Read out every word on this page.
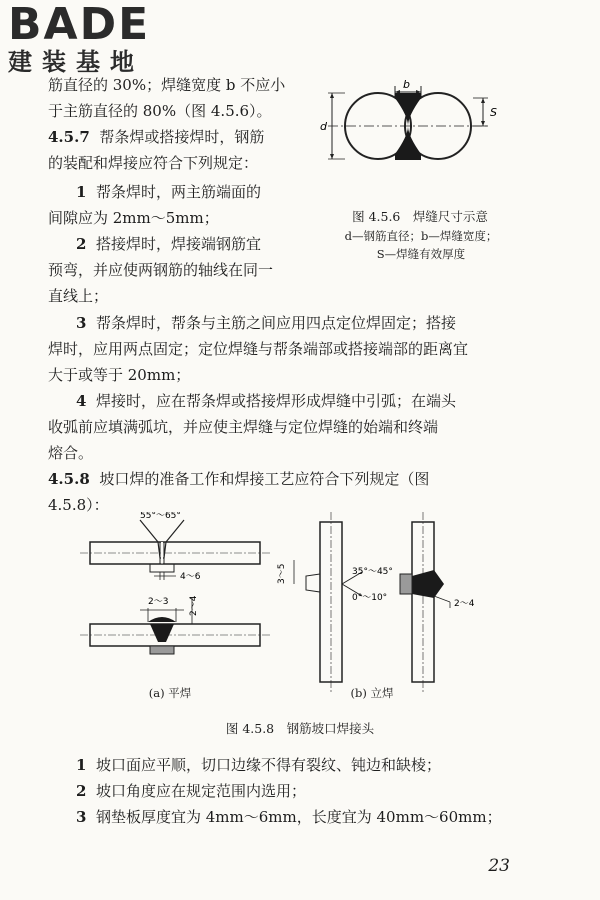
BADE
建装基地
筋直径的 30%；焊缝宽度 b 不应小
于主筋直径的 80%（图 4.5.6）。
4.5.7 帮条焊或搭接焊时，钢筋
的装配和焊接应符合下列规定：
1 帮条焊时，两主筋端面的
间隙应为 2mm～5mm；
2 搭接焊时，焊接端钢筋宜
预弯，并应使两钢筋的轴线在同一
直线上；
3 帮条焊时，帮条与主筋之间应用四点定位焊固定；搭接
焊时，应用两点固定；定位焊缝与帮条端部或搭接端部的距离宜
大于或等于 20mm；
4 焊接时，应在帮条焊或搭接焊形成焊缝中引弧；在端头
收弧前应填满弧坑，并应使主焊缝与定位焊缝的始端和终端
熔合。
4.5.8 坡口焊的准备工作和焊接工艺应符合下列规定（图
4.5.8）：
b
d
S
图 4.5.6　焊缝尺寸示意
d—钢筋直径；b—焊缝宽度；
S—焊缝有效厚度
55°～65°
4～6
2～3 2～4
3～5	35°～45°
0°～10°
2～4
(a) 平焊	(b) 立焊
图 4.5.8　钢筋坡口焊接头
1 坡口面应平顺，切口边缘不得有裂纹、钝边和缺棱；
2 坡口角度应在规定范围内选用；
3 钢垫板厚度宜为 4mm～6mm，长度宜为 40mm～60mm；
23
